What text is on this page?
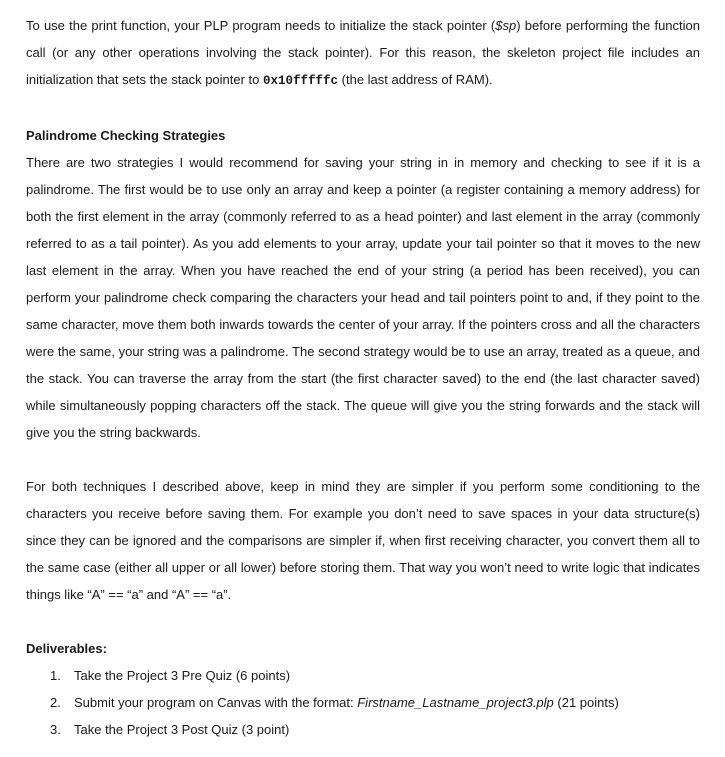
To use the print function, your PLP program needs to initialize the stack pointer ($sp) before performing the function call (or any other operations involving the stack pointer). For this reason, the skeleton project file includes an initialization that sets the stack pointer to 0x10fffffc (the last address of RAM).

Palindrome Checking Strategies

There are two strategies I would recommend for saving your string in in memory and checking to see if it is a palindrome. The first would be to use only an array and keep a pointer (a register containing a memory address) for both the first element in the array (commonly referred to as a head pointer) and last element in the array (commonly referred to as a tail pointer). As you add elements to your array, update your tail pointer so that it moves to the new last element in the array. When you have reached the end of your string (a period has been received), you can perform your palindrome check comparing the characters your head and tail pointers point to and, if they point to the same character, move them both inwards towards the center of your array. If the pointers cross and all the characters were the same, your string was a palindrome. The second strategy would be to use an array, treated as a queue, and the stack. You can traverse the array from the start (the first character saved) to the end (the last character saved) while simultaneously popping characters off the stack. The queue will give you the string forwards and the stack will give you the string backwards.

For both techniques I described above, keep in mind they are simpler if you perform some conditioning to the characters you receive before saving them. For example you don’t need to save spaces in your data structure(s) since they can be ignored and the comparisons are simpler if, when first receiving character, you convert them all to the same case (either all upper or all lower) before storing them. That way you won’t need to write logic that indicates things like “A” == “a” and “A” == “a”.

Deliverables:
1. Take the Project 3 Pre Quiz (6 points)
2. Submit your program on Canvas with the format: Firstname_Lastname_project3.plp (21 points)
3. Take the Project 3 Post Quiz (3 point)
